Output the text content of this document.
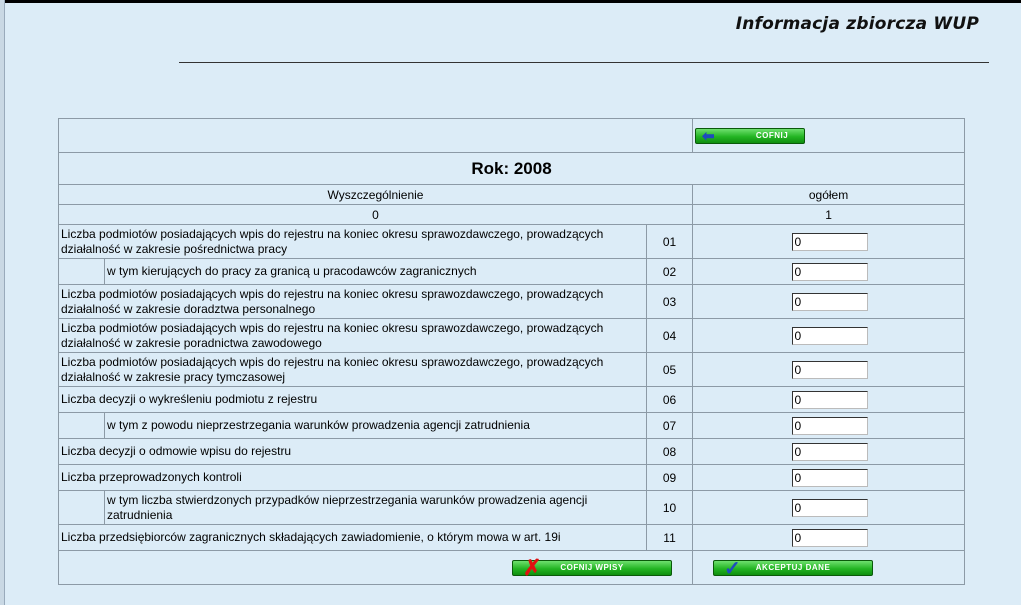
Informacja zbiorcza WUP

			⬅ COFNIJ

Rok: 2008			
Wyszczególnienie			ogółem
0			1
Liczba podmiotów posiadających wpis do rejestru na koniec okresu sprawozdawczego, prowadzących działalność w zakresie pośrednictwa pracy		01	0
	w tym kierujących do pracy za granicą u pracodawców zagranicznych	02	0
Liczba podmiotów posiadających wpis do rejestru na koniec okresu sprawozdawczego, prowadzących działalność w zakresie doradztwa personalnego		03	0
Liczba podmiotów posiadających wpis do rejestru na koniec okresu sprawozdawczego, prowadzących działalność w zakresie poradnictwa zawodowego		04	0
Liczba podmiotów posiadających wpis do rejestru na koniec okresu sprawozdawczego, prowadzących działalność w zakresie pracy tymczasowej		05	0
Liczba decyzji o wykreśleniu podmiotu z rejestru		06	0
	w tym z powodu nieprzestrzegania warunków prowadzenia agencji zatrudnienia	07	0
Liczba decyzji o odmowie wpisu do rejestru		08	0
Liczba przeprowadzonych kontroli		09	0
	w tym liczba stwierdzonych przypadków nieprzestrzegania warunków prowadzenia agencji zatrudnienia	10	0
Liczba przedsiębiorców zagranicznych składających zawiadomienie, o którym mowa w art. 19i		11	0

✗ COFNIJ WPISY			✓ AKCEPTUJ DANE
